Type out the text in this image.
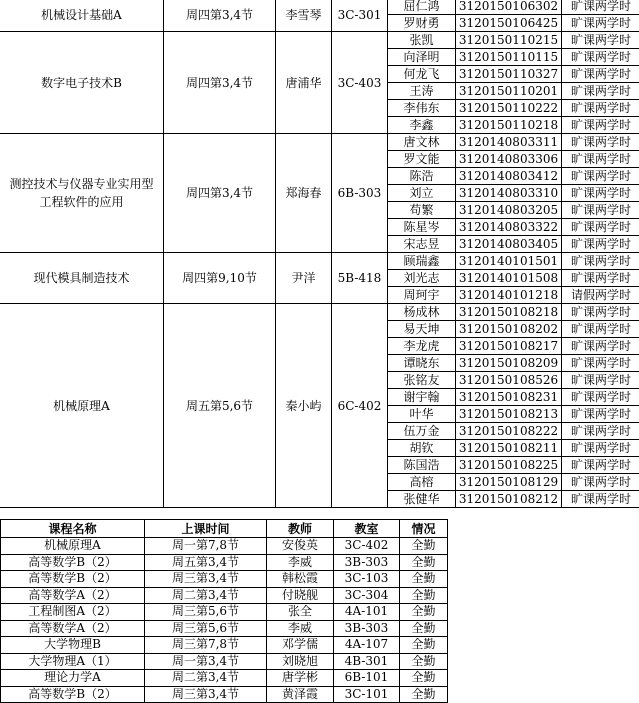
机械设计基础A	周四第3,4节	李雪琴	3C-301	屈仁鸿	3120150106302	旷课两学时
				罗财勇	3120150106425	旷课两学时
数字电子技术B	周四第3,4节	唐浦华	3C-403	张凯	3120150110215	旷课两学时
				向泽明	3120150110115	旷课两学时
				何龙飞	3120150110327	旷课两学时
				王涛	3120150110201	旷课两学时
				李伟东	3120150110222	旷课两学时
				李鑫	3120150110218	旷课两学时
测控技术与仪器专业实用型工程软件的应用	周四第3,4节	郑海春	6B-303	唐文林	3120140803311	旷课两学时
				罗文能	3120140803306	旷课两学时
				陈浩	3120140803412	旷课两学时
				刘立	3120140803310	旷课两学时
				苟繁	3120140803205	旷课两学时
				陈星岑	3120140803322	旷课两学时
				宋志昱	3120140803405	旷课两学时
现代模具制造技术	周四第9,10节	尹洋	5B-418	顾瑞鑫	3120140101501	旷课两学时
				刘光志	3120140101508	旷课两学时
				周珂宇	3120140101218	请假两学时
机械原理A	周五第5,6节	秦小屿	6C-402	杨成林	3120150108218	旷课两学时
				易天坤	3120150108202	旷课两学时
				李龙虎	3120150108217	旷课两学时
				谭晓东	3120150108209	旷课两学时
				张铭友	3120150108526	旷课两学时
				谢宇翰	3120150108231	旷课两学时
				叶华	3120150108213	旷课两学时
				伍万金	3120150108222	旷课两学时
				胡钦	3120150108211	旷课两学时
				陈国浩	3120150108225	旷课两学时
				高榕	3120150108129	旷课两学时
				张健华	3120150108212	旷课两学时
课程名称	上课时间	教师	教室	情况
机械原理A	周一第7,8节	安俊英	3C-402	全勤
高等数学B（2）	周五第3,4节	李威	3B-303	全勤
高等数学B（2）	周三第3,4节	韩松霞	3C-103	全勤
高等数学A（2）	周二第3,4节	付晓舰	3C-304	全勤
工程制图A（2）	周三第5,6节	张全	4A-101	全勤
高等数学A（2）	周三第5,6节	李威	3B-303	全勤
大学物理B	周三第7,8节	邓学儒	4A-107	全勤
大学物理A（1）	周一第3,4节	刘晓旭	4B-301	全勤
理论力学A	周二第3,4节	唐学彬	6B-101	全勤
高等数学B（2）	周三第3,4节	黄泽霞	3C-101	全勤
